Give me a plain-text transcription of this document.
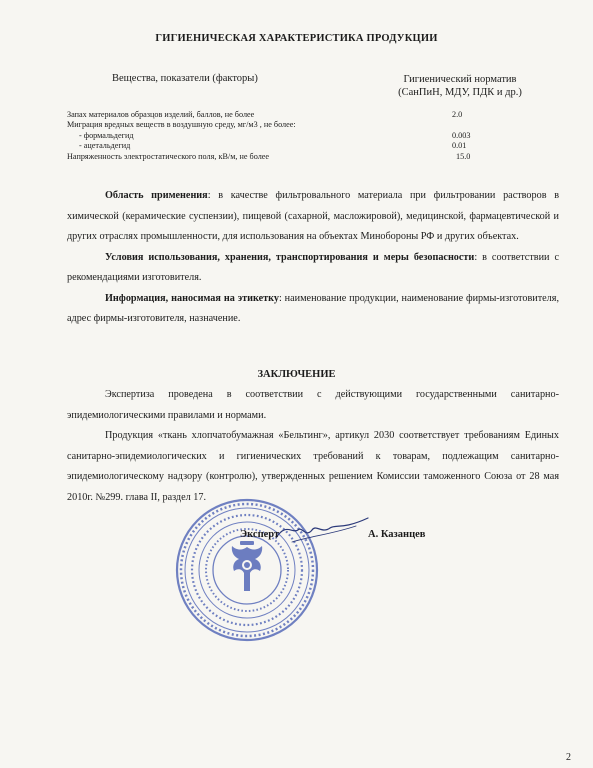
ГИГИЕНИЧЕСКАЯ ХАРАКТЕРИСТИКА ПРОДУКЦИИ
Вещества, показатели (факторы)	Гигиенический норматив
(СанПиН, МДУ, ПДК и др.)
Запах материалов образцов изделий, баллов, не более	2.0
Миграция вредных веществ в воздушную среду, мг/м3 , не более:
- формальдегид	0.003
- ацетальдегид	0.01
Напряженность электростатического поля, кВ/м, не более	15.0

Область применения: в качестве фильтровального материала при фильтровании растворов в химической (керамические суспензии), пищевой (сахарной, масложировой), медицинской, фармацевтической и других отраслях промышленности, для использования на объектах Минобороны РФ и других объектах.

Условия использования, хранения, транспортирования и меры безопасности: в соответствии с рекомендациями изготовителя.

Информация, наносимая на этикетку: наименование продукции, наименование фирмы-изготовителя, адрес фирмы-изготовителя, назначение.

ЗАКЛЮЧЕНИЕ

Экспертиза проведена в соответствии с действующими государственными санитарно-эпидемиологическими правилами и нормами.

Продукция «ткань хлопчатобумажная «Бельтинг», артикул 2030 соответствует требованиям Единых санитарно-эпидемиологических и гигиенических требований к товарам, подлежащим санитарно-эпидемиологическому надзору (контролю), утвержденных решением Комиссии таможенного Союза от 28 мая 2010г. №299. глава II, раздел 17.

Эксперт	А. Казанцев
2
